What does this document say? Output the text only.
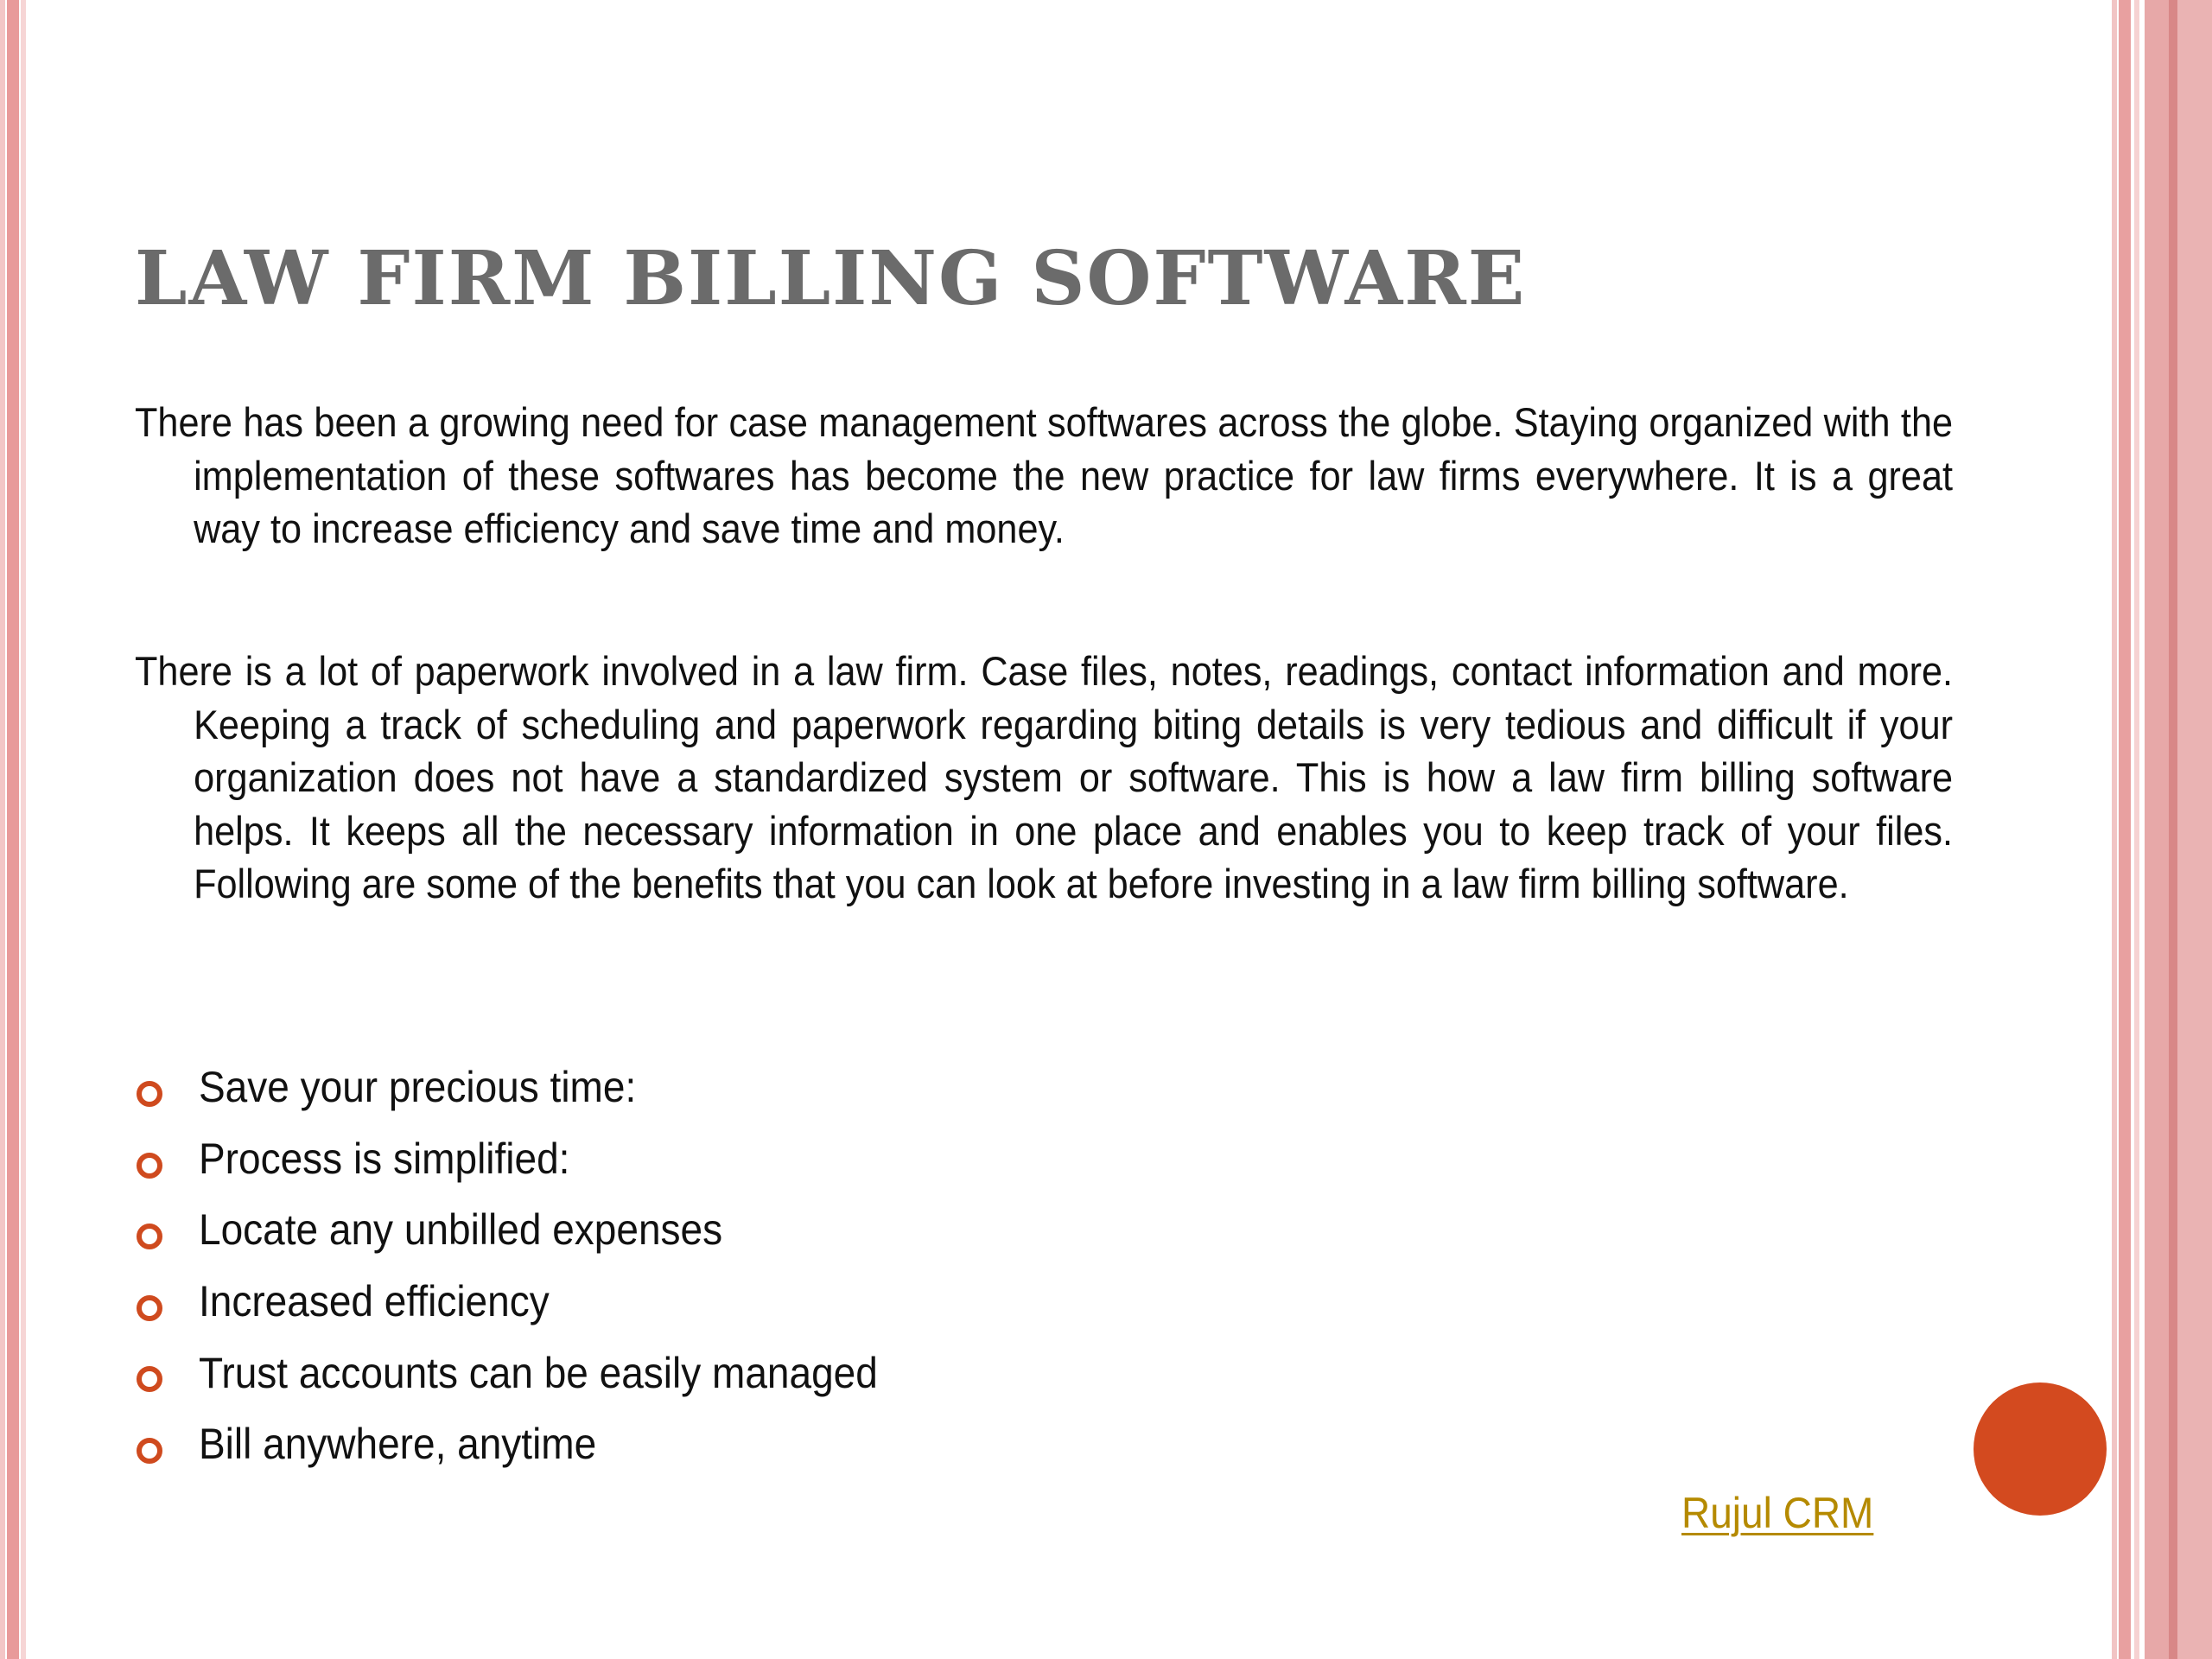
LAW FIRM BILLING SOFTWARE

There has been a growing need for case management softwares across the globe. Staying organized with the implementation of these softwares has become the new practice for law firms everywhere. It is a great way to increase efficiency and save time and money.

There is a lot of paperwork involved in a law firm. Case files, notes, readings, contact information and more. Keeping a track of scheduling and paperwork regarding biting details is very tedious and difficult if your organization does not have a standardized system or software. This is how a law firm billing software helps. It keeps all the necessary information in one place and enables you to keep track of your files. Following are some of the benefits that you can look at before investing in a law firm billing software.

Save your precious time:
Process is simplified:
Locate any unbilled expenses
Increased efficiency
Trust accounts can be easily managed
Bill anywhere, anytime
Rujul CRM
